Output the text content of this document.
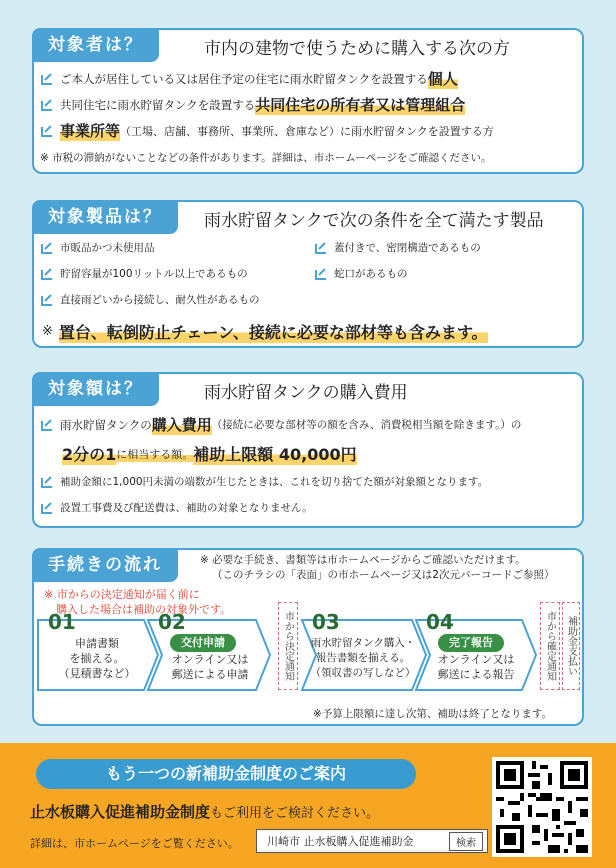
対象者は？	市内の建物で使うために購入する次の方
ご本人が居住している又は居住予定の住宅に雨水貯留タンクを設置する 個人
共同住宅に雨水貯留タンクを設置する 共同住宅の所有者又は管理組合
事業所等 （工場、店舗、事務所、事業所、倉庫など）に雨水貯留タンクを設置する方
※ 市税の滞納がないことなどの条件があります。詳細は、市ホームーページをご確認ください。
対象製品は？	雨水貯留タンクで次の条件を全て満たす製品
市販品かつ未使用品	蓋付きで、密閉構造であるもの
貯留容量が100リットル以上であるもの	蛇口があるもの
直接雨どいから接続し、耐久性があるもの
※ 置台、転倒防止チェーン、接続に必要な部材等も含みます。
対象額は？	雨水貯留タンクの購入費用
雨水貯留タンクの 購入費用 （接続に必要な部材等の額を含み、消費税相当額を除きます。）の
2分の1 に相当する額。 補助上限額 40,000円
補助金額に1,000円未満の端数が生じたときは、これを切り捨てた額が対象額となります。
設置工事費及び配送費は、補助の対象となりません。
手続きの流れ	※ 必要な手続き、書類等は市ホームページからご確認いただけます。
（このチラシの「表面」の市ホームページ又は2次元バーコードご参照）
※ 市からの決定通知が届く前に
購入した場合は補助の対象外です。
01
申請書類
を揃える。
（見積書など）
02
交付申請
オンライン又は
郵送による申請	市から決定通知 03
雨水貯留タンク購入・
報告書類を揃える。
（領収書の写しなど）
04
完了報告
オンライン又は
郵送による報告	市から確定通知	補助金支払い
※予算上限額に達し次第、補助は終了となります。
もう一つの新補助金制度のご案内
止水板購入促進補助金制度もご利用をご検討ください。
詳細は、市ホームページをご覧ください。	川崎市 止水板購入促進補助金	検索
